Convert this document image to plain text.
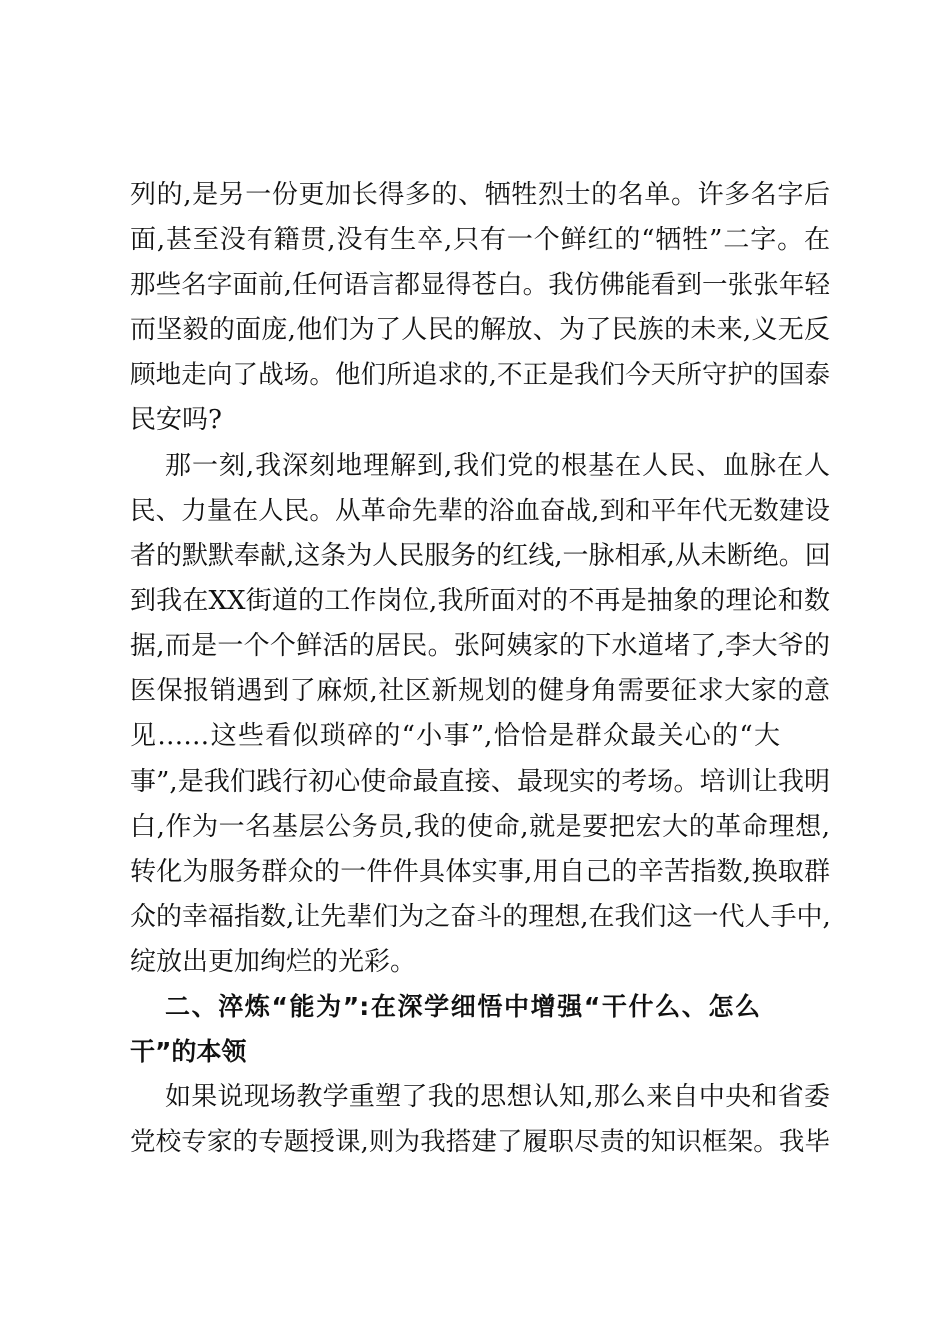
列的,是另一份更加长得多的、牺牲烈士的名单。许多名字后
面,甚至没有籍贯,没有生卒,只有一个鲜红的“牺牲”二字。在
那些名字面前,任何语言都显得苍白。我仿佛能看到一张张年轻
而坚毅的面庞,他们为了人民的解放、为了民族的未来,义无反
顾地走向了战场。他们所追求的,不正是我们今天所守护的国泰
民安吗?
那一刻,我深刻地理解到,我们党的根基在人民、血脉在人
民、力量在人民。从革命先辈的浴血奋战,到和平年代无数建设
者的默默奉献,这条为人民服务的红线,一脉相承,从未断绝。回
到我在XX街道的工作岗位,我所面对的不再是抽象的理论和数
据,而是一个个鲜活的居民。张阿姨家的下水道堵了,李大爷的
医保报销遇到了麻烦,社区新规划的健身角需要征求大家的意
见……这些看似琐碎的“小事”,恰恰是群众最关心的“大
事”,是我们践行初心使命最直接、最现实的考场。培训让我明
白,作为一名基层公务员,我的使命,就是要把宏大的革命理想,
转化为服务群众的一件件具体实事,用自己的辛苦指数,换取群
众的幸福指数,让先辈们为之奋斗的理想,在我们这一代人手中,
绽放出更加绚烂的光彩。
二、淬炼“能为”:在深学细悟中增强“干什么、怎么
干”的本领
如果说现场教学重塑了我的思想认知,那么来自中央和省委
党校专家的专题授课,则为我搭建了履职尽责的知识框架。我毕
